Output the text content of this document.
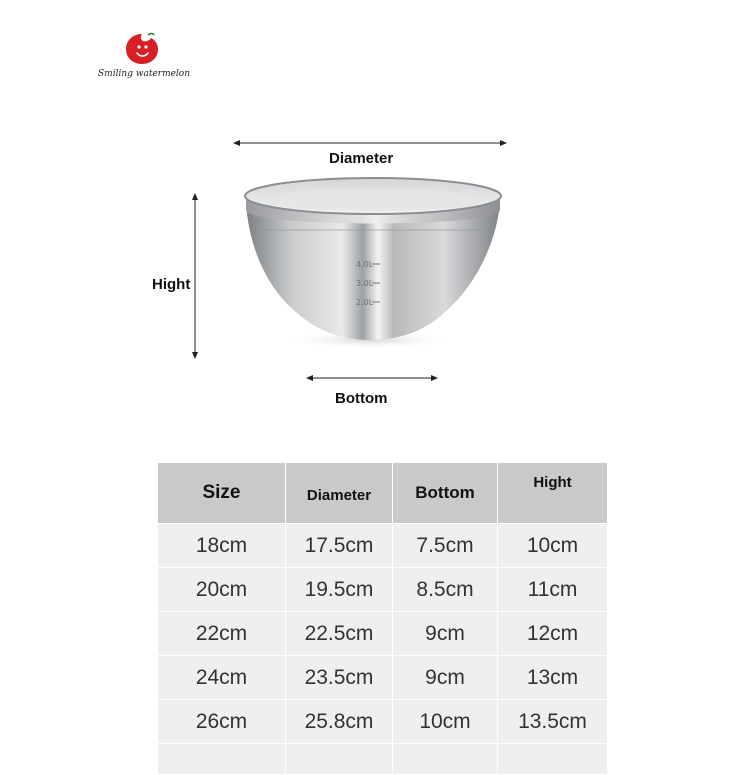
Smiling watermelon
Diameter
Hight
Bottom
4.0L
3.0L
2.0L
Size	Diameter	Bottom	Hight
18cm	17.5cm	7.5cm	10cm
20cm	19.5cm	8.5cm	11cm
22cm	22.5cm	9cm	12cm
24cm	23.5cm	9cm	13cm
26cm	25.8cm	10cm	13.5cm
